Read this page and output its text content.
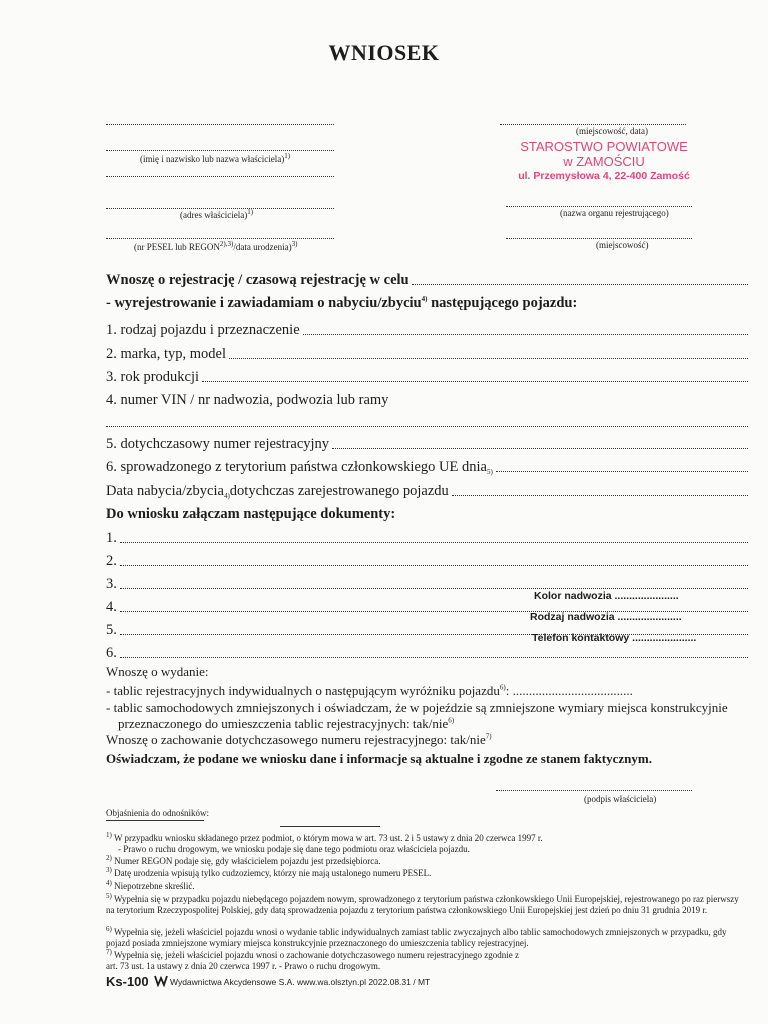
WNIOSEK
(imię i nazwisko lub nazwa właściciela)$^{1)}$
(adres właściciela)$^{1)}$
(nr PESEL lub $REGON^{2),3)}$/data urodzenia)$^{3)}$
(miejscowość, data)
STAROSTWO POWIATOWE
w ZAMOŚCIU
ul. Przemysłowa 4, 22-400 Zamość
(nazwa organu rejestrującego)
(miejscowość)
Wnoszę o rejestrację / czasową rejestrację w celu
- wyrejestrowanie i zawiadamiam o nabyciu/zbyciu$^{4)}$ następującego pojazdu:
1. rodzaj pojazdu i przeznaczenie
2. marka, typ, model
3. rok produkcji
4. numer VIN / nr nadwozia, podwozia lub ramy
5. dotychczasowy numer rejestracyjny
6. sprowadzonego z terytorium państwa członkowskiego UE dnia$_{5)}$
Data nabycia/zbycia$_{4)}$ dotychczas zarejestrowanego pojazdu
Do wniosku załączam następujące dokumenty:
1.
2.
3.
4.
5.
6.
Kolor nadwozia ......................
Rodzaj nadwozia ......................
Telefon kontaktowy ......................
Wnoszę o wydanie:
- tablic rejestracyjnych indywidualnych o następującym wyróżniku pojazdu$^{6)}$: .....................................
- tablic samochodowych zmniejszonych i oświadczam, że w pojeździe są zmniejszone wymiary miejsca konstrukcyjnie
przeznaczonego do umieszczenia tablic rejestracyjnych: tak/nie$^{6)}$
Wnoszę o zachowanie dotychczasowego numeru rejestracyjnego: tak/nie$^{7)}$
Oświadczam, że podane we wniosku dane i informacje są aktualne i zgodne ze stanem faktycznym.
(podpis właściciela)
Objaśnienia do odnośników:
$^{1)}$ W przypadku wniosku składanego przez podmiot, o którym mowa w art. 73 ust. 2 i 5 ustawy z dnia 20 czerwca 1997 r.
- Prawo o ruchu drogowym, we wniosku podaje się dane tego podmiotu oraz właściciela pojazdu.
$^{2)}$ Numer REGON podaje się, gdy właścicielem pojazdu jest przedsiębiorca.
$^{3)}$ Datę urodzenia wpisują tylko cudzoziemcy, którzy nie mają ustalonego numeru PESEL.
$^{4)}$ Niepotrzebne skreślić.
$^{5)}$ Wypełnia się w przypadku pojazdu niebędącego pojazdem nowym, sprowadzonego z terytorium państwa członkowskiego Unii Europejskiej, rejestrowanego po raz pierwszy na terytorium Rzeczypospolitej Polskiej, gdy datą sprowadzenia pojazdu z terytorium państwa członkowskiego Unii Europejskiej jest dzień po dniu 31 grudnia 2019 r.
$^{6)}$ Wypełnia się, jeżeli właściciel pojazdu wnosi o wydanie tablic indywidualnych zamiast tablic zwyczajnych albo tablic samochodowych zmniejszonych w przypadku, gdy pojazd posiada zmniejszone wymiary miejsca konstrukcyjnie przeznaczonego do umieszczenia tablicy rejestracyjnej.
$^{7)}$ Wypełnia się, jeżeli właściciel pojazdu wnosi o zachowanie dotychczasowego numeru rejestracyjnego zgodnie z art. 73 ust. 1a ustawy z dnia 20 czerwca 1997 r. - Prawo o ruchu drogowym.
Ks-100	Wydawnictwa Akcydensowe S.A. www.wa.olsztyn.pl 2022.08.31 / MT
